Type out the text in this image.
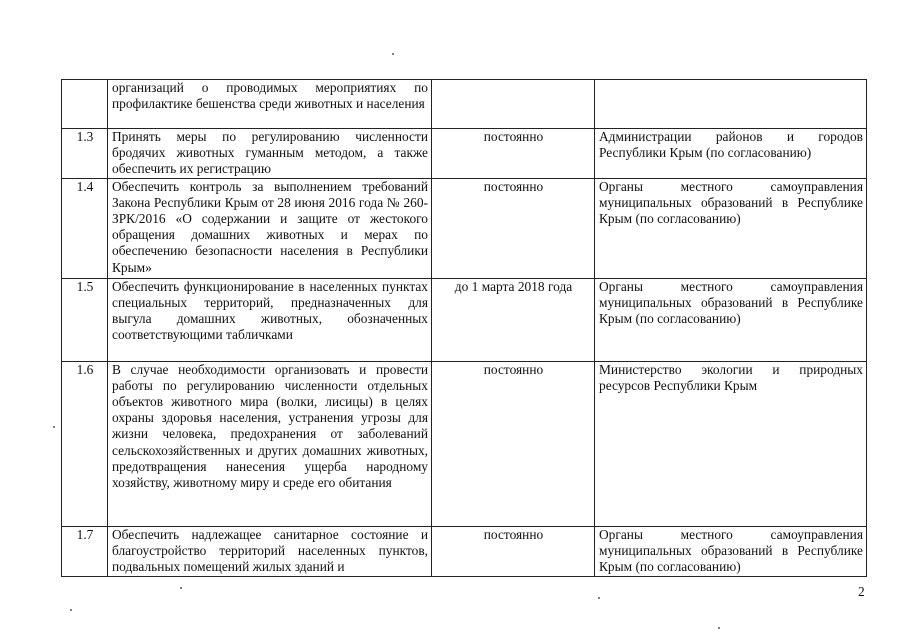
	организаций о проводимых мероприятиях по профилактике бешенства среди животных и населения		
1.3	Принять меры по регулированию численности бродячих животных гуманным методом, а также обеспечить их регистрацию	постоянно	Администрации районов и городов Республики Крым (по согласованию)
1.4	Обеспечить контроль за выполнением требований Закона Республики Крым от 28 июня 2016 года № 260-ЗРК/2016 «О содержании и защите от жестокого обращения домашних животных и мерах по обеспечению безопасности населения в Республики Крым»	постоянно	Органы местного самоуправления муниципальных образований в Республике Крым (по согласованию)
1.5	Обеспечить функционирование в населенных пунктах специальных территорий, предназначенных для выгула домашних животных, обозначенных соответствующими табличками	до 1 марта 2018 года	Органы местного самоуправления муниципальных образований в Республике Крым (по согласованию)
1.6	В случае необходимости организовать и провести работы по регулированию численности отдельных объектов животного мира (волки, лисицы) в целях охраны здоровья населения, устранения угрозы для жизни человека, предохранения от заболеваний сельскохозяйственных и других домашних животных, предотвращения нанесения ущерба народному хозяйству, животному миру и среде его обитания	постоянно	Министерство экологии и природных ресурсов Республики Крым
1.7	Обеспечить надлежащее санитарное состояние и благоустройство территорий населенных пунктов, подвальных помещений жилых зданий и	постоянно	Органы местного самоуправления муниципальных образований в Республике Крым (по согласованию)
2
